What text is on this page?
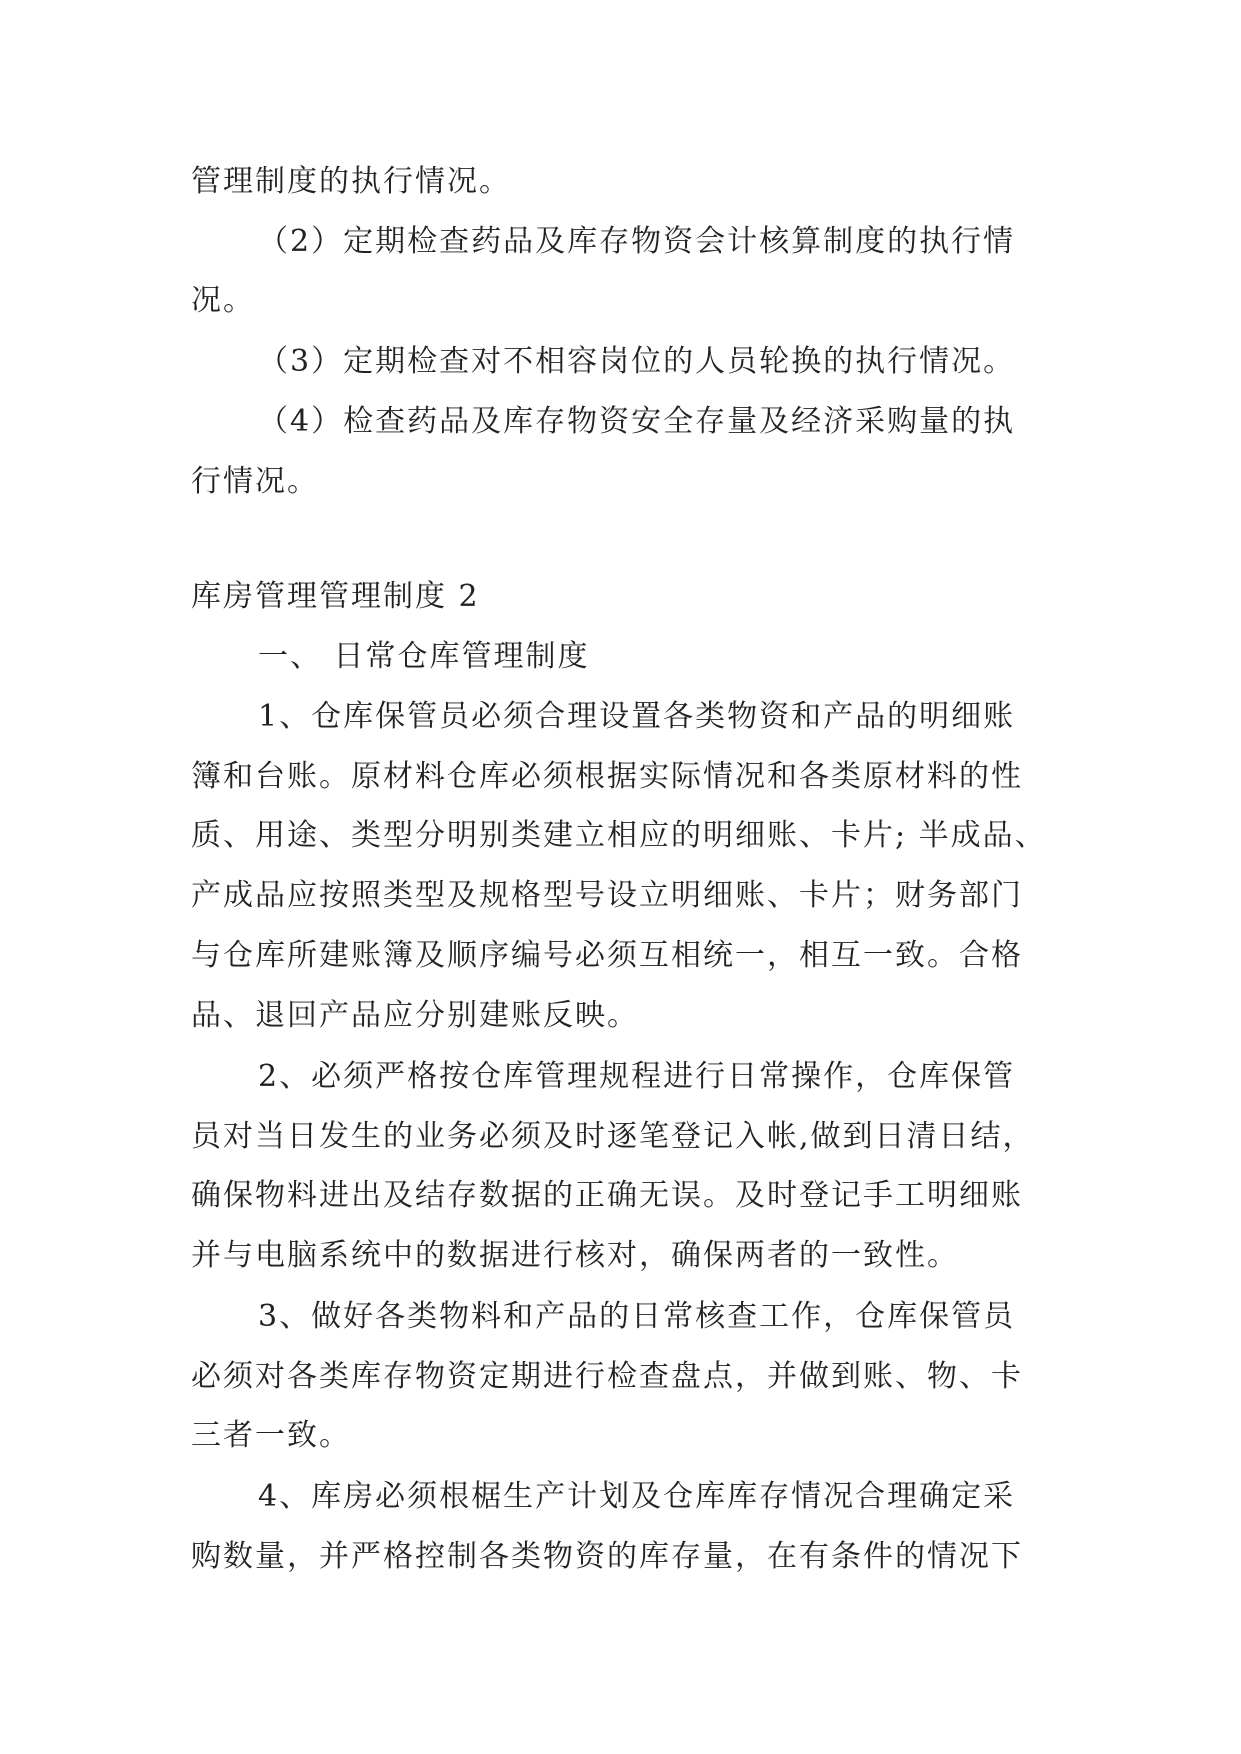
管理制度的执行情况。
（2）定期检查药品及库存物资会计核算制度的执行情
况。
（3）定期检查对不相容岗位的人员轮换的执行情况。
（4）检查药品及库存物资安全存量及经济采购量的执
行情况。
库房管理管理制度 2
一、 日常仓库管理制度
1、仓库保管员必须合理设置各类物资和产品的明细账
簿和台账。原材料仓库必须根据实际情况和各类原材料的性
质、用途、类型分明别类建立相应的明细账、卡片; 半成品、
产成品应按照类型及规格型号设立明细账、卡片；财务部门
与仓库所建账簿及顺序编号必须互相统一，相互一致。合格
品、退回产品应分别建账反映。
2、必须严格按仓库管理规程进行日常操作，仓库保管
员对当日发生的业务必须及时逐笔登记入帐,做到日清日结，
确保物料进出及结存数据的正确无误。及时登记手工明细账
并与电脑系统中的数据进行核对，确保两者的一致性。
3、做好各类物料和产品的日常核查工作，仓库保管员
必须对各类库存物资定期进行检查盘点，并做到账、物、卡
三者一致。
4、库房必须根椐生产计划及仓库库存情况合理确定采
购数量，并严格控制各类物资的库存量，在有条件的情况下
